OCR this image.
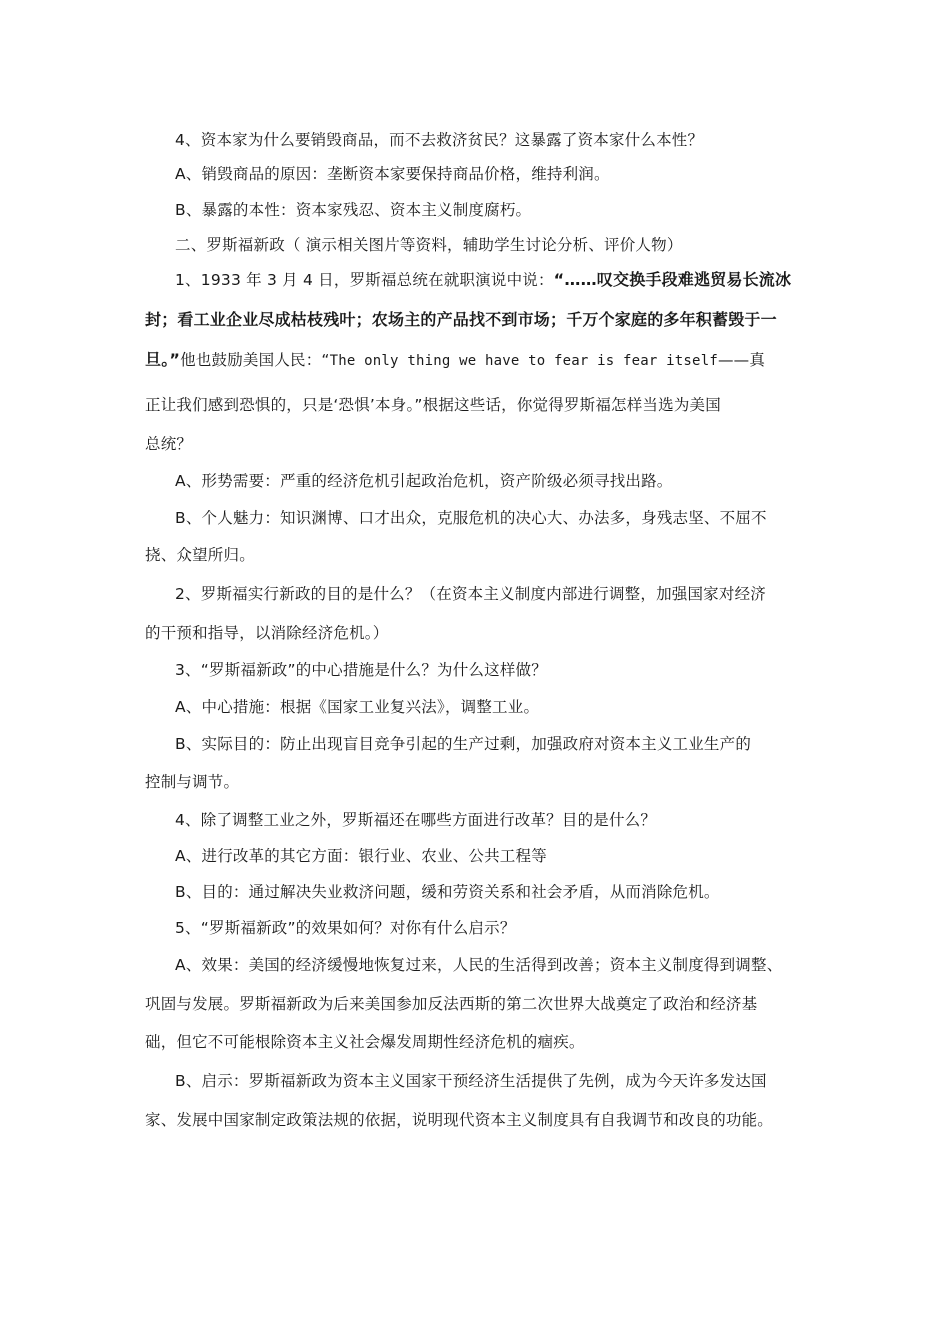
4、资本家为什么要销毁商品，而不去救济贫民？这暴露了资本家什么本性？
A、销毁商品的原因：垄断资本家要保持商品价格，维持利润。
B、暴露的本性：资本家残忍、资本主义制度腐朽。
二、罗斯福新政（ 演示相关图片等资料，辅助学生讨论分析、评价人物）
1、1933 年 3 月 4 日，罗斯福总统在就职演说中说：“……叹交换手段难逃贸易长流冰
封；看工业企业尽成枯枝残叶；农场主的产品找不到市场；千万个家庭的多年积蓄毁于一
旦。”他也鼓励美国人民：“The only thing we have to fear is fear itself——真
正让我们感到恐惧的，只是‘恐惧’本身。”根据这些话，你觉得罗斯福怎样当选为美国
总统？
A、形势需要：严重的经济危机引起政治危机，资产阶级必须寻找出路。
B、个人魅力：知识渊博、口才出众，克服危机的决心大、办法多，身残志坚、不屈不
挠、众望所归。
2、罗斯福实行新政的目的是什么？（在资本主义制度内部进行调整，加强国家对经济
的干预和指导，以消除经济危机。）
3、“罗斯福新政”的中心措施是什么？为什么这样做？
A、中心措施：根据《国家工业复兴法》，调整工业。
B、实际目的：防止出现盲目竞争引起的生产过剩，加强政府对资本主义工业生产的
控制与调节。
4、除了调整工业之外，罗斯福还在哪些方面进行改革？目的是什么？
A、进行改革的其它方面：银行业、农业、公共工程等
B、目的：通过解决失业救济问题，缓和劳资关系和社会矛盾，从而消除危机。
5、“罗斯福新政”的效果如何？对你有什么启示？
A、效果：美国的经济缓慢地恢复过来，人民的生活得到改善；资本主义制度得到调整、
巩固与发展。罗斯福新政为后来美国参加反法西斯的第二次世界大战奠定了政治和经济基
础，但它不可能根除资本主义社会爆发周期性经济危机的痼疾。
B、启示：罗斯福新政为资本主义国家干预经济生活提供了先例，成为今天许多发达国
家、发展中国家制定政策法规的依据，说明现代资本主义制度具有自我调节和改良的功能。
